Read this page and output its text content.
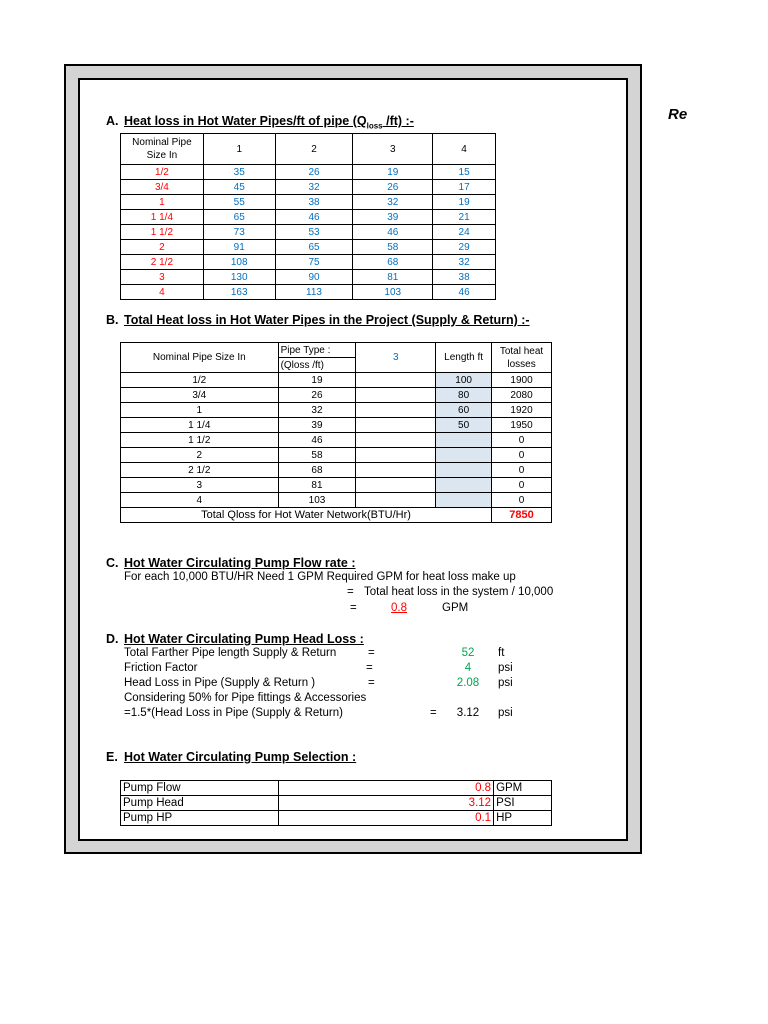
A. Heat loss in Hot Water Pipes/ft of pipe ($Q_{loss}$ /ft) :-
Nominal Pipe
Size In	1	2	3	4
1/2	35	26	19	15
3/4	45	32	26	17
1	55	38	32	19
1 1/4	65	46	39	21
1 1/2	73	53	46	24
2	91	65	58	29
2 1/2	108	75	68	32
3	130	90	81	38
4	163	113	103	46
B. Total Heat loss in Hot Water Pipes in the Project (Supply & Return) :-
Nominal Pipe Size In	Pipe Type :	3	Length ft	Total heat
losses
	(Qloss /ft)			
1/2	19		100	1900
3/4	26		80	2080
1	32		60	1920
1 1/4	39		50	1950
1 1/2	46			0
2	58			0
2 1/2	68			0
3	81			0
4	103			0
Total Qloss for Hot Water Network(BTU/Hr)				7850
C. Hot Water Circulating Pump Flow rate :
For each 10,000 BTU/HR Need 1 GPM Required GPM for heat loss make up
= Total heat loss in the system / 10,000
=	0.8	GPM
D. Hot Water Circulating Pump Head Loss :
Total Farther Pipe length Supply & Return	=	52	ft
Friction Factor	=	4	psi
Head Loss in Pipe (Supply & Return )	=	2.08	psi
Considering 50% for Pipe fittings & Accessories
=1.5*(Head Loss in Pipe (Supply & Return)	=	3.12	psi
E. Hot Water Circulating Pump Selection :
Pump Flow	0.8	GPM
Pump Head	3.12	PSI
Pump HP	0.1	HP
Re
